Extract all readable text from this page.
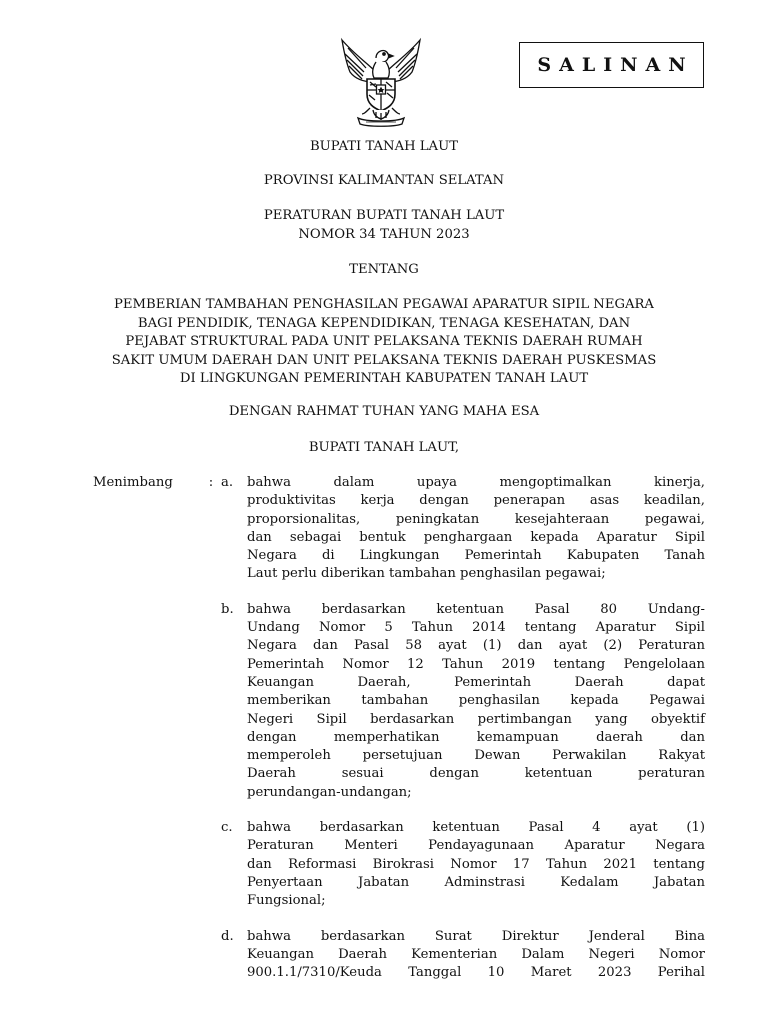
SALINAN
BUPATI TANAH LAUT
PROVINSI KALIMANTAN SELATAN
PERATURAN BUPATI TANAH LAUT
NOMOR 34 TAHUN 2023
TENTANG
PEMBERIAN TAMBAHAN PENGHASILAN PEGAWAI APARATUR SIPIL NEGARA
BAGI PENDIDIK, TENAGA KEPENDIDIKAN, TENAGA KESEHATAN, DAN
PEJABAT STRUKTURAL PADA UNIT PELAKSANA TEKNIS DAERAH RUMAH
SAKIT UMUM DAERAH DAN UNIT PELAKSANA TEKNIS DAERAH PUSKESMAS
DI LINGKUNGAN PEMERINTAH KABUPATEN TANAH LAUT
DENGAN RAHMAT TUHAN YANG MAHA ESA
BUPATI TANAH LAUT,
Menimbang	: a.	bahwa dalam upaya mengoptimalkan kinerja,
produktivitas kerja dengan penerapan asas keadilan,
proporsionalitas, peningkatan kesejahteraan pegawai,
dan sebagai bentuk penghargaan kepada Aparatur Sipil
Negara di Lingkungan Pemerintah Kabupaten Tanah
Laut perlu diberikan tambahan penghasilan pegawai;
b.	bahwa berdasarkan ketentuan Pasal 80 Undang-
Undang Nomor 5 Tahun 2014 tentang Aparatur Sipil
Negara dan Pasal 58 ayat (1) dan ayat (2) Peraturan
Pemerintah Nomor 12 Tahun 2019 tentang Pengelolaan
Keuangan Daerah, Pemerintah Daerah dapat
memberikan tambahan penghasilan kepada Pegawai
Negeri Sipil berdasarkan pertimbangan yang obyektif
dengan memperhatikan kemampuan daerah dan
memperoleh persetujuan Dewan Perwakilan Rakyat
Daerah sesuai dengan ketentuan peraturan
perundangan-undangan;
c.	bahwa berdasarkan ketentuan Pasal 4 ayat (1)
Peraturan Menteri Pendayagunaan Aparatur Negara
dan Reformasi Birokrasi Nomor 17 Tahun 2021 tentang
Penyertaan Jabatan Adminstrasi Kedalam Jabatan
Fungsional;
d.	bahwa berdasarkan Surat Direktur Jenderal Bina
Keuangan Daerah Kementerian Dalam Negeri Nomor
900.1.1/7310/Keuda Tanggal 10 Maret 2023 Perihal
